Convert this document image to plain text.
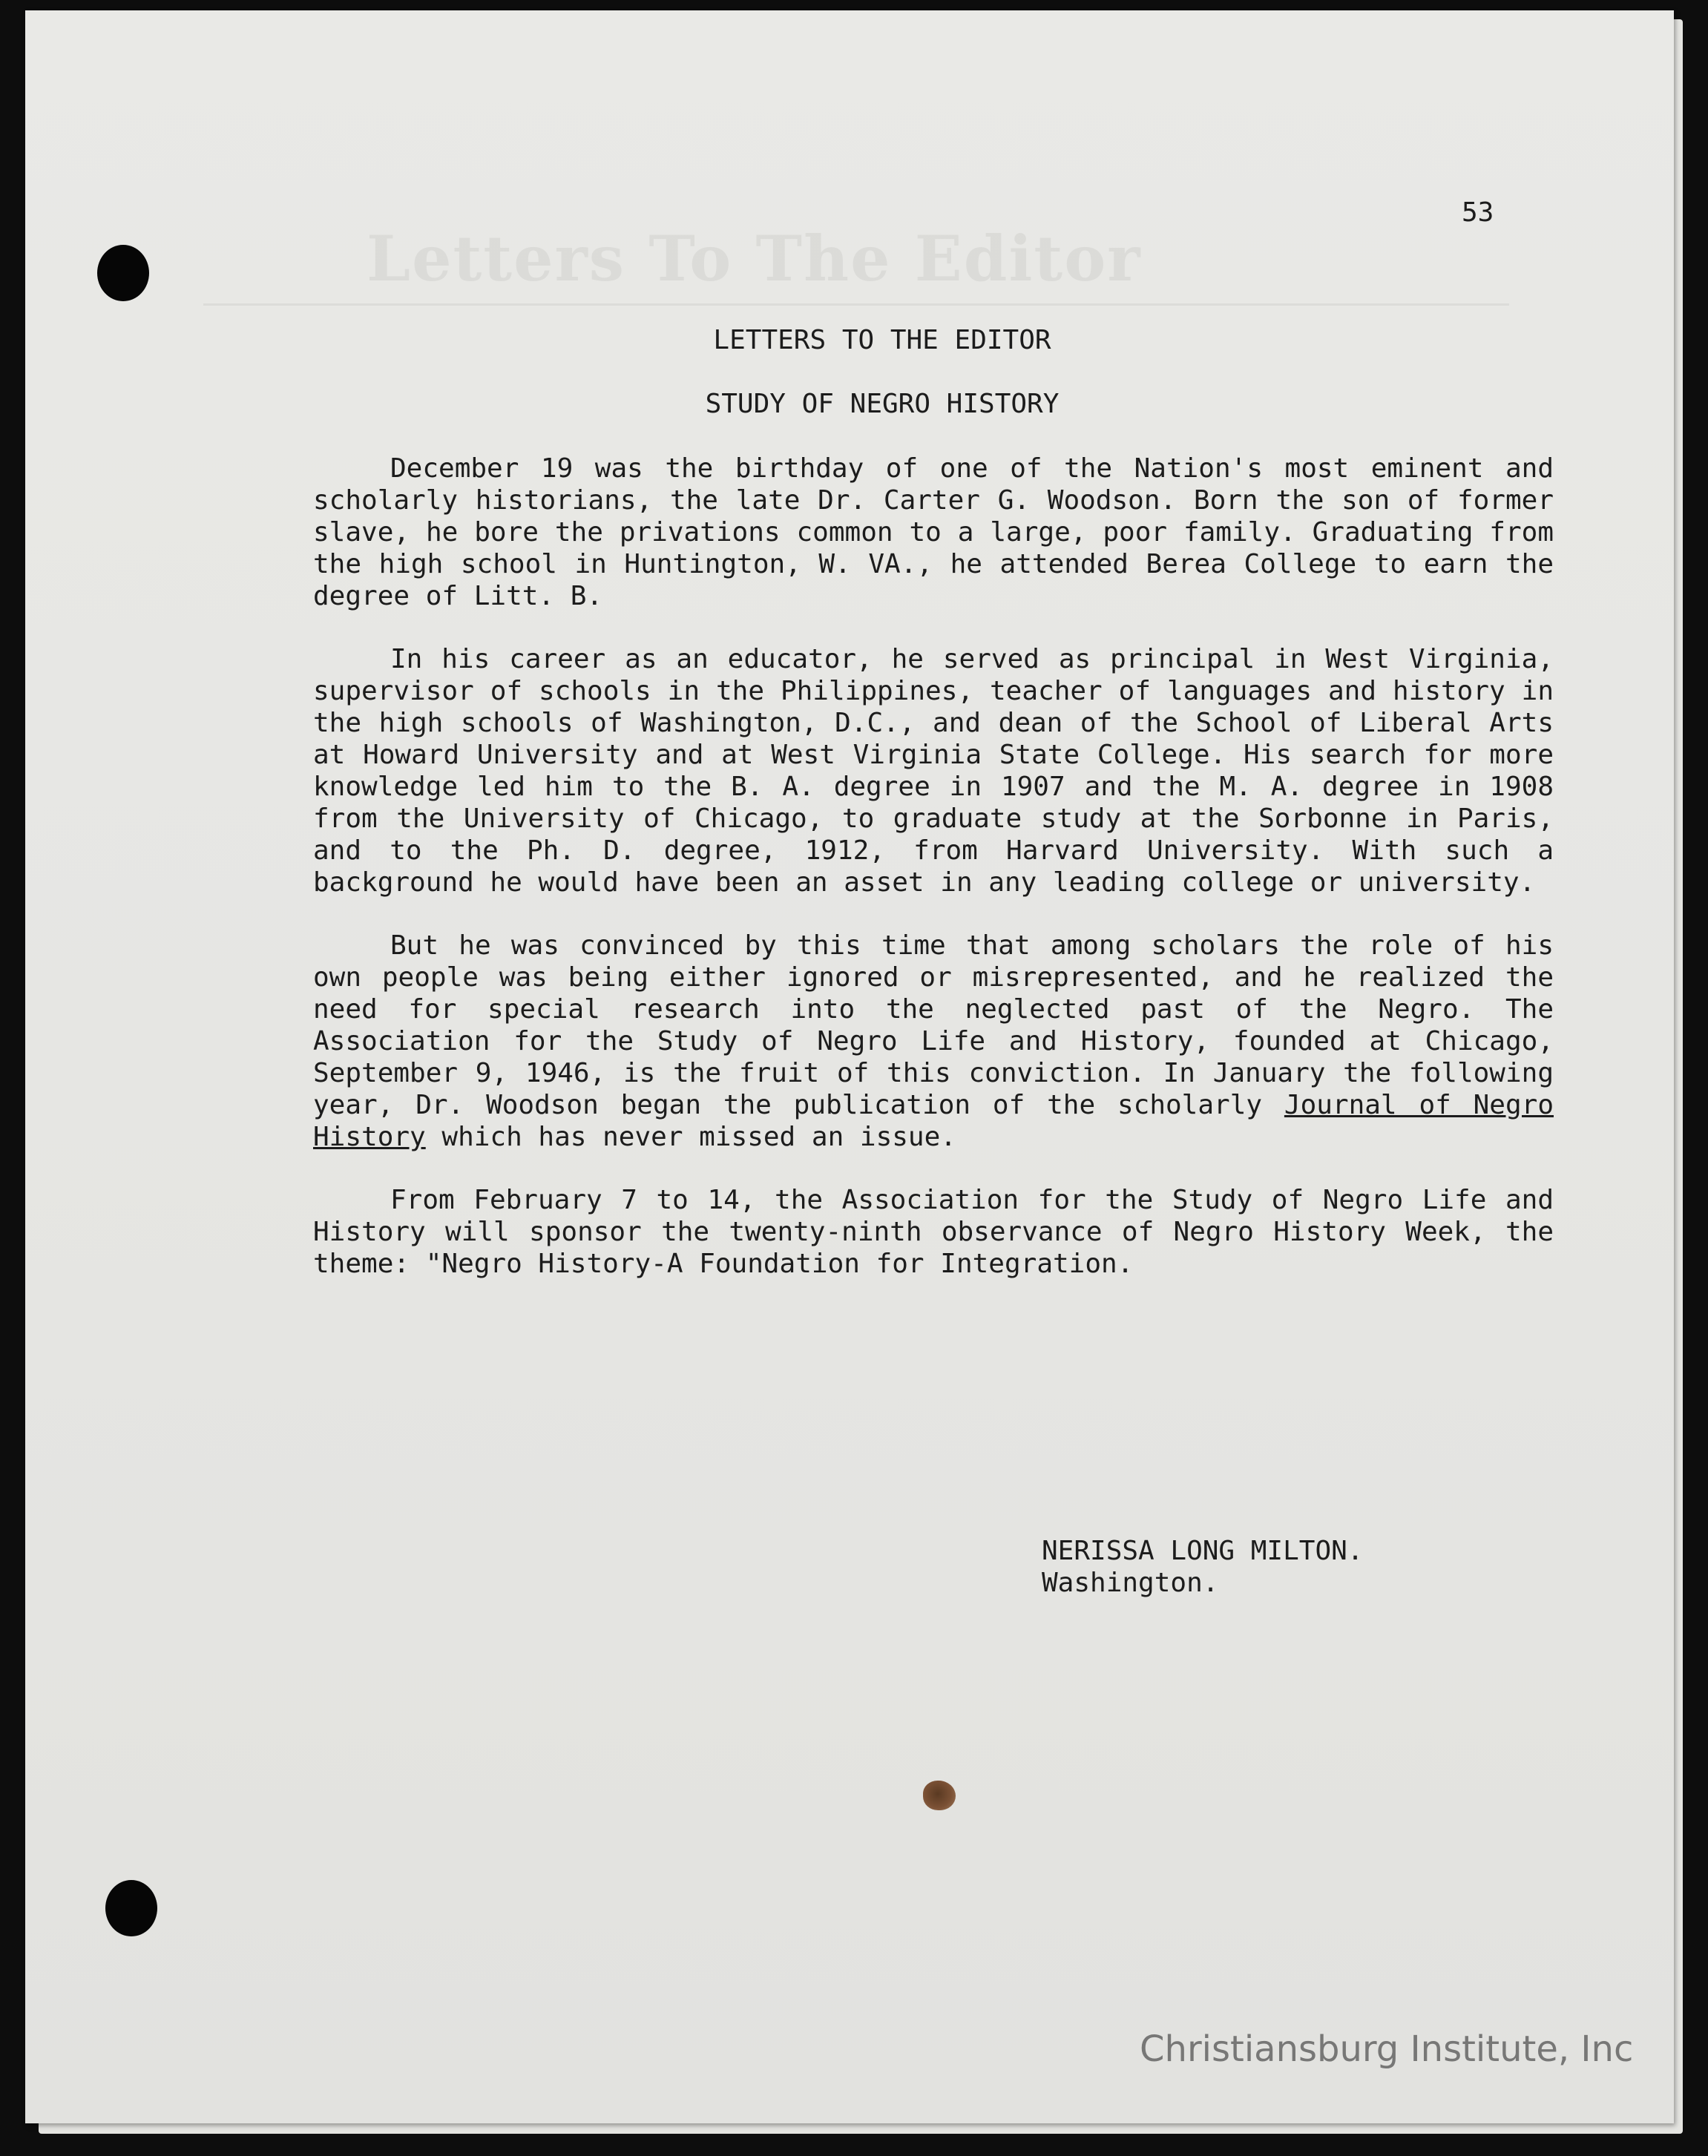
Letters To The Editor
53
LETTERS TO THE EDITOR
STUDY OF NEGRO HISTORY

December 19 was the birthday of one of the Nation's most eminent and scholarly historians, the late Dr. Carter G. Woodson. Born the son of former slave, he bore the privations common to a large, poor family. Graduating from the high school in Huntington, W. VA., he attended Berea College to earn the degree of Litt. B.

In his career as an educator, he served as principal in West Virginia, supervisor of schools in the Philippines, teacher of languages and history in the high schools of Washington, D.C., and dean of the School of Liberal Arts at Howard University and at West Virginia State College. His search for more knowledge led him to the B. A. degree in 1907 and the M. A. degree in 1908 from the University of Chicago, to graduate study at the Sorbonne in Paris, and to the Ph. D. degree, 1912, from Harvard University. With such a background he would have been an asset in any leading college or university.

But he was convinced by this time that among scholars the role of his own people was being either ignored or misrepresented, and he realized the need for special research into the neglected past of the Negro. The Association for the Study of Negro Life and History, founded at Chicago, September 9, 1946, is the fruit of this conviction. In January the following year, Dr. Woodson began the publication of the scholarly Journal of Negro History which has never missed an issue.

From February 7 to 14, the Association for the Study of Negro Life and History will sponsor the twenty-ninth observance of Negro History Week, the theme: "Negro History-A Foundation for Integration.

NERISSA LONG MILTON.
Washington.
Christiansburg Institute, Inc
